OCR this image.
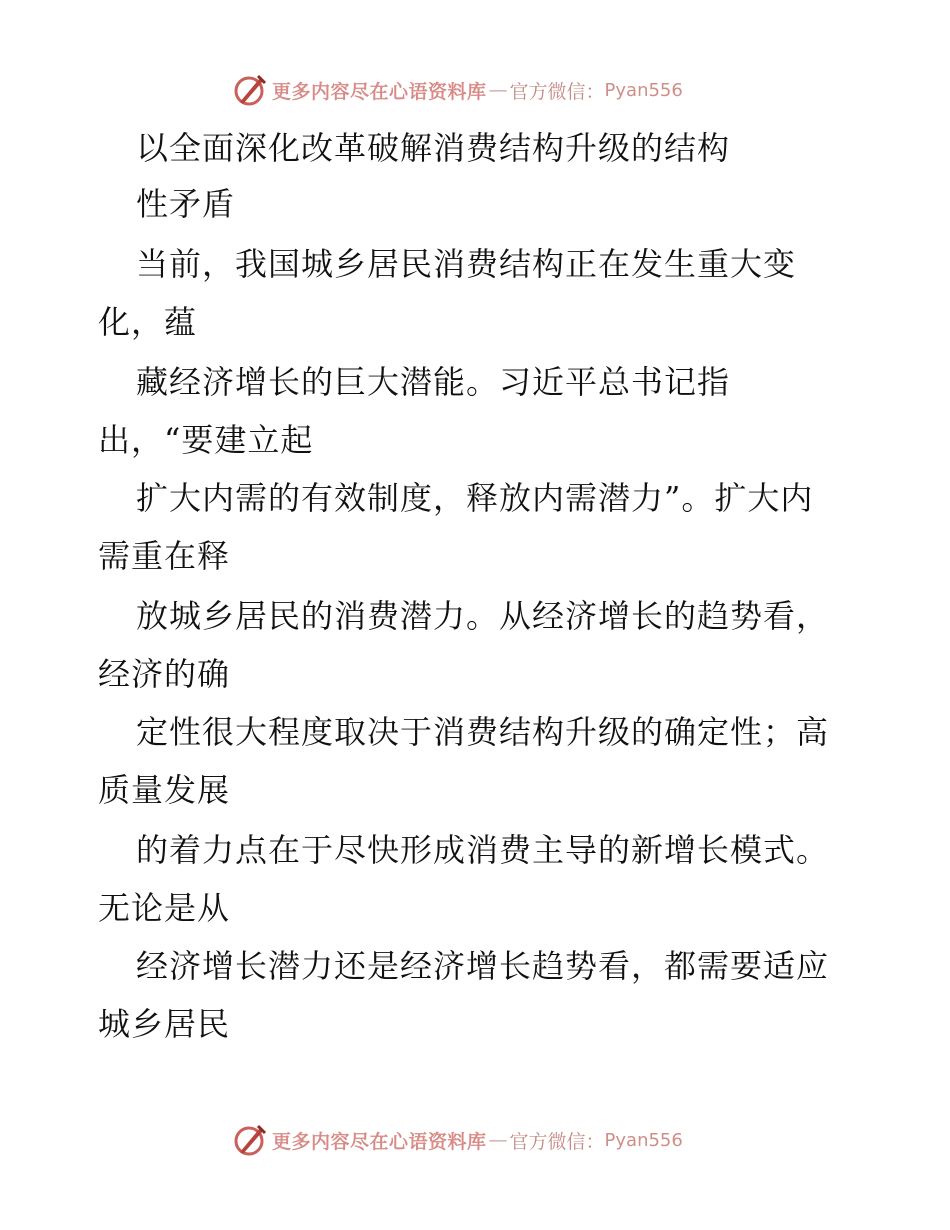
更多内容尽在心语资料库 — 官方微信： Pyan556
以全面深化改革破解消费结构升级的结构
性矛盾
当前，我国城乡居民消费结构正在发生重大变
化，蕴
藏经济增长的巨大潜能。习近平总书记指
出，“要建立起
扩大内需的有效制度，释放内需潜力”。扩大内
需重在释
放城乡居民的消费潜力。从经济增长的趋势看，
经济的确
定性很大程度取决于消费结构升级的确定性；高
质量发展
的着力点在于尽快形成消费主导的新增长模式。
无论是从
经济增长潜力还是经济增长趋势看，都需要适应
城乡居民
更多内容尽在心语资料库 — 官方微信： Pyan556
